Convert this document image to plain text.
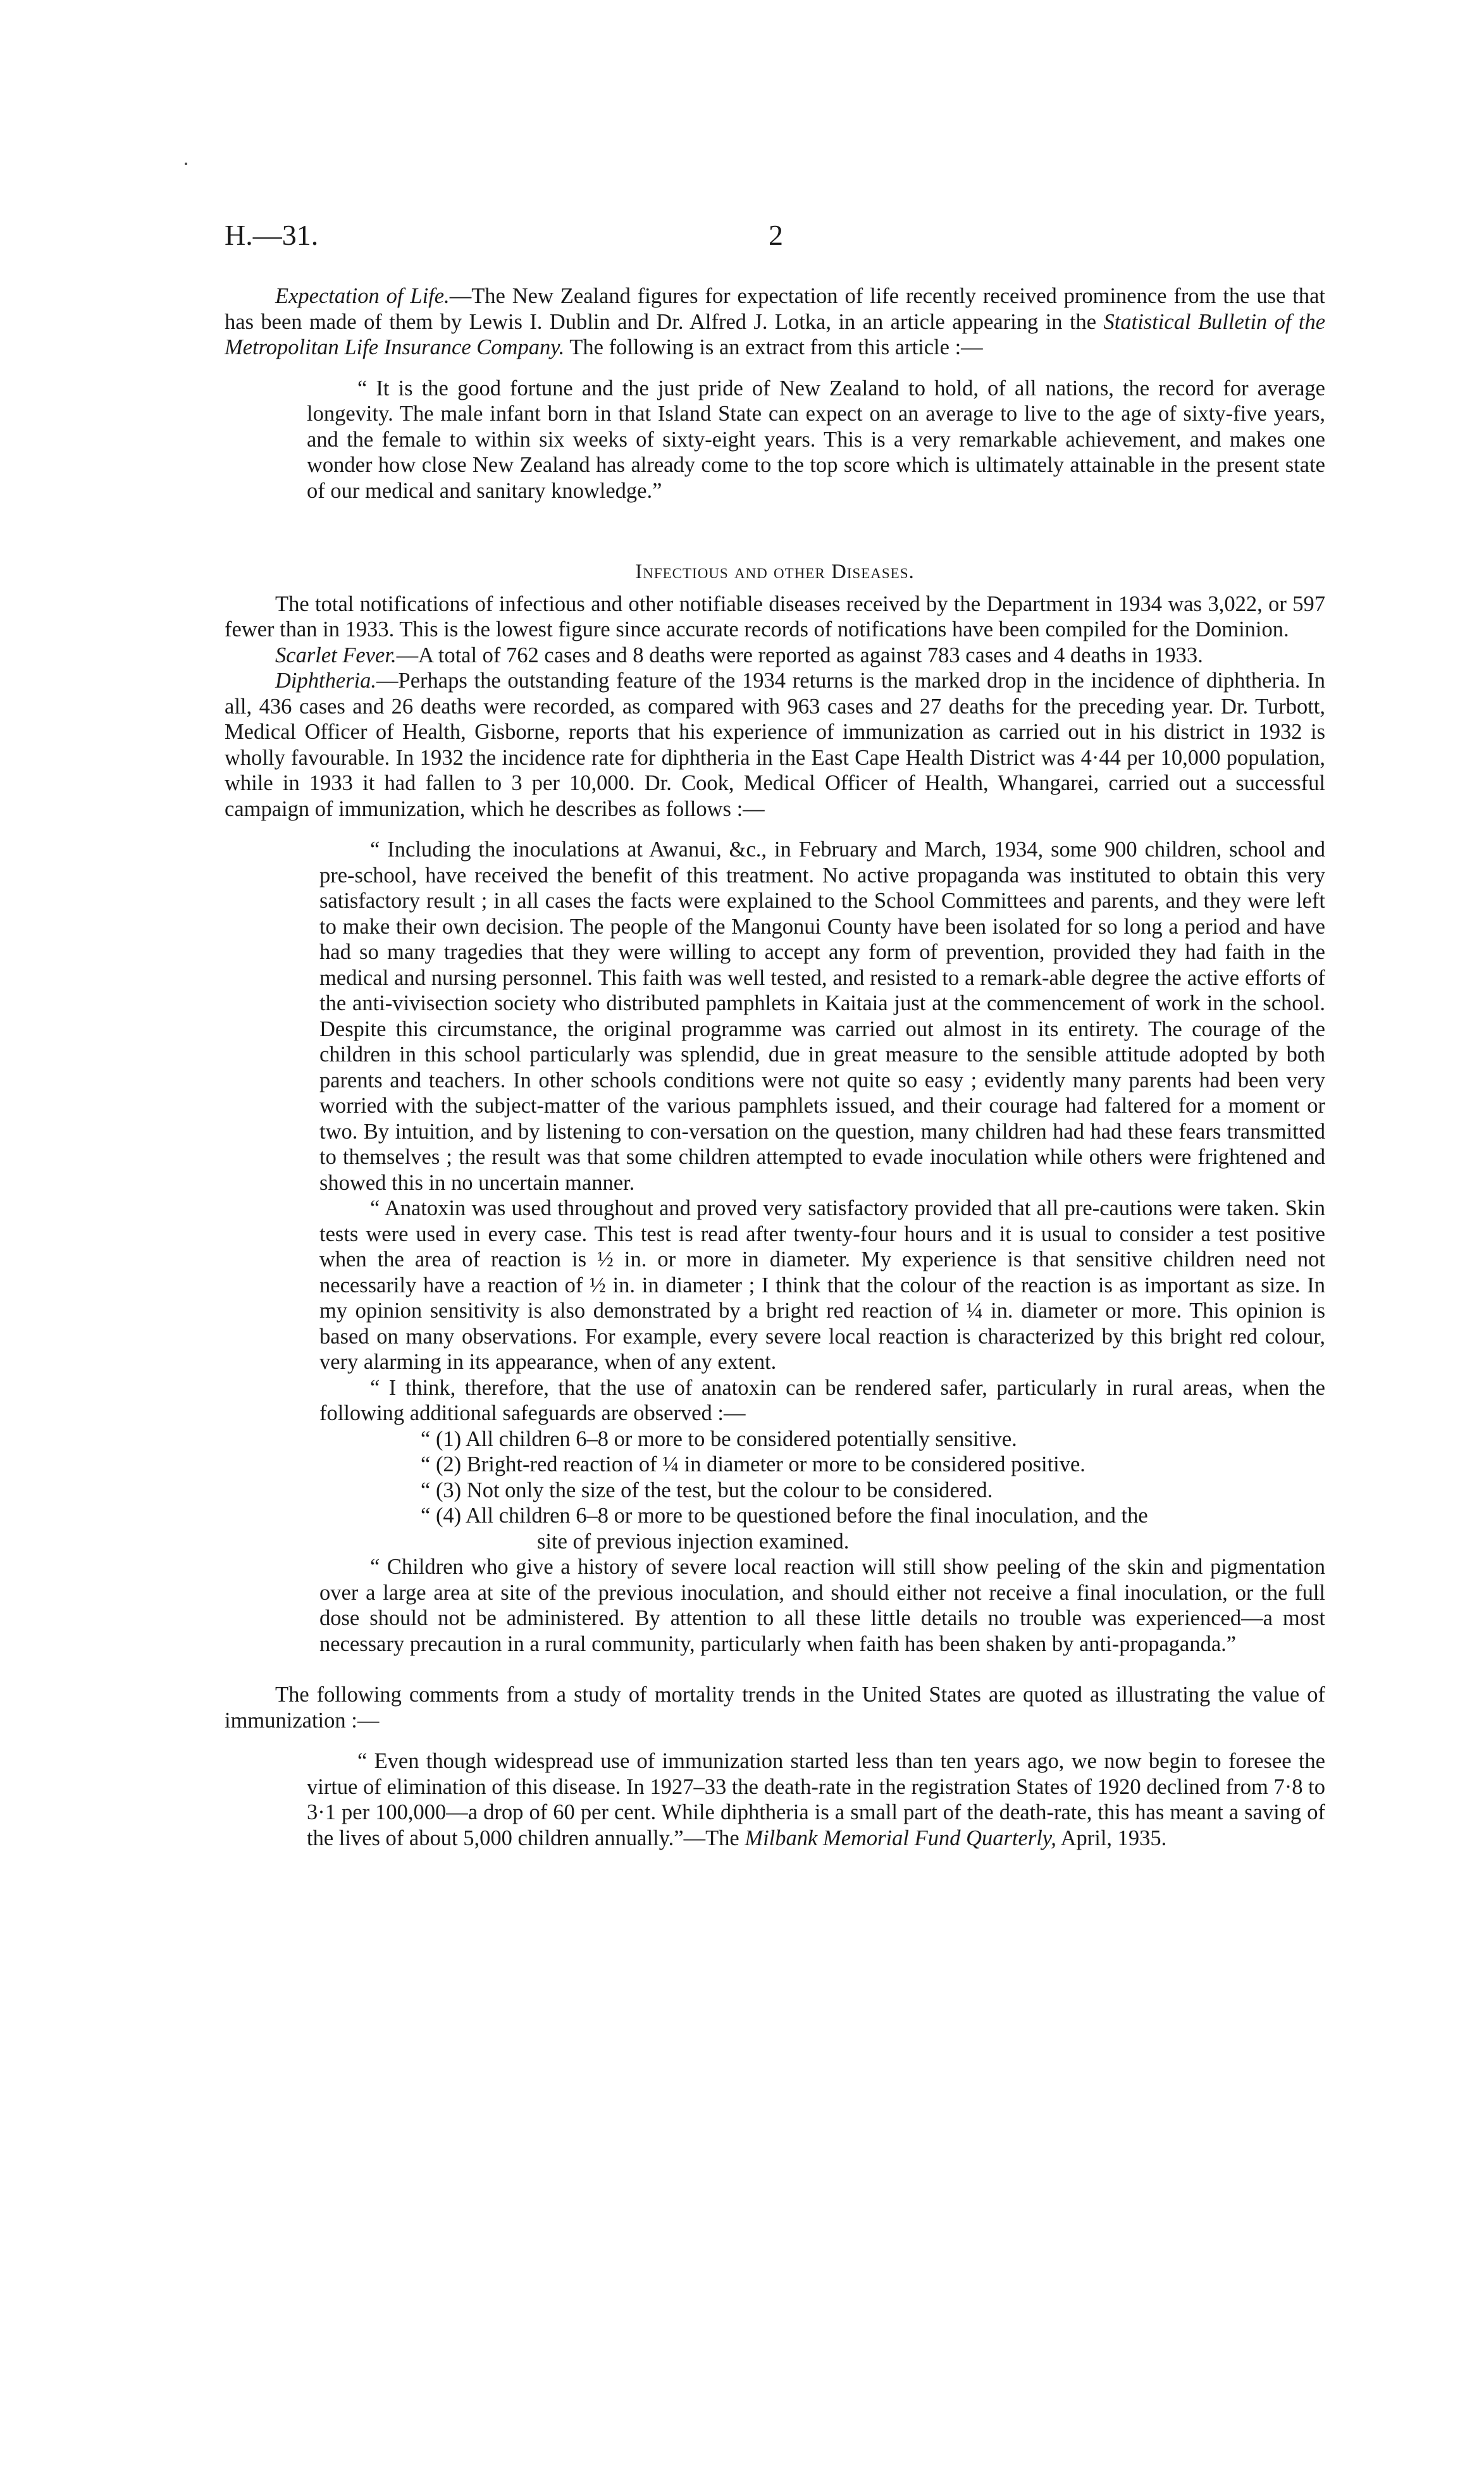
H.—31.	2

Expectation of Life.—The New Zealand figures for expectation of life recently received prominence from the use that has been made of them by Lewis I. Dublin and Dr. Alfred J. Lotka, in an article appearing in the Statistical Bulletin of the Metropolitan Life Insurance Company. The following is an extract from this article :—

“ It is the good fortune and the just pride of New Zealand to hold, of all nations, the record for average longevity. The male infant born in that Island State can expect on an average to live to the age of sixty-five years, and the female to within six weeks of sixty-eight years. This is a very remarkable achievement, and makes one wonder how close New Zealand has already come to the top score which is ultimately attainable in the present state of our medical and sanitary knowledge.”

Infectious and other Diseases.

The total notifications of infectious and other notifiable diseases received by the Department in 1934 was 3,022, or 597 fewer than in 1933. This is the lowest figure since accurate records of notifications have been compiled for the Dominion.

Scarlet Fever.—A total of 762 cases and 8 deaths were reported as against 783 cases and 4 deaths in 1933.

Diphtheria.—Perhaps the outstanding feature of the 1934 returns is the marked drop in the incidence of diphtheria. In all, 436 cases and 26 deaths were recorded, as compared with 963 cases and 27 deaths for the preceding year. Dr. Turbott, Medical Officer of Health, Gisborne, reports that his experience of immunization as carried out in his district in 1932 is wholly favourable. In 1932 the incidence rate for diphtheria in the East Cape Health District was 4·44 per 10,000 population, while in 1933 it had fallen to 3 per 10,000. Dr. Cook, Medical Officer of Health, Whangarei, carried out a successful campaign of immunization, which he describes as follows :—

“ Including the inoculations at Awanui, &c., in February and March, 1934, some 900 children, school and pre-school, have received the benefit of this treatment. No active propaganda was instituted to obtain this very satisfactory result ; in all cases the facts were explained to the School Committees and parents, and they were left to make their own decision. The people of the Mangonui County have been isolated for so long a period and have had so many tragedies that they were willing to accept any form of prevention, provided they had faith in the medical and nursing personnel. This faith was well tested, and resisted to a remark-able degree the active efforts of the anti-vivisection society who distributed pamphlets in Kaitaia just at the commencement of work in the school. Despite this circumstance, the original programme was carried out almost in its entirety. The courage of the children in this school particularly was splendid, due in great measure to the sensible attitude adopted by both parents and teachers. In other schools conditions were not quite so easy ; evidently many parents had been very worried with the subject-matter of the various pamphlets issued, and their courage had faltered for a moment or two. By intuition, and by listening to con-versation on the question, many children had had these fears transmitted to themselves ; the result was that some children attempted to evade inoculation while others were frightened and showed this in no uncertain manner.

“ Anatoxin was used throughout and proved very satisfactory provided that all pre-cautions were taken. Skin tests were used in every case. This test is read after twenty-four hours and it is usual to consider a test positive when the area of reaction is ½ in. or more in diameter. My experience is that sensitive children need not necessarily have a reaction of ½ in. in diameter ; I think that the colour of the reaction is as important as size. In my opinion sensitivity is also demonstrated by a bright red reaction of ¼ in. diameter or more. This opinion is based on many observations. For example, every severe local reaction is characterized by this bright red colour, very alarming in its appearance, when of any extent.

“ I think, therefore, that the use of anatoxin can be rendered safer, particularly in rural areas, when the following additional safeguards are observed :—

“ (1) All children 6–8 or more to be considered potentially sensitive.

“ (2) Bright-red reaction of ¼ in diameter or more to be considered positive.

“ (3) Not only the size of the test, but the colour to be considered.

“ (4) All children 6–8 or more to be questioned before the final inoculation, and the
site of previous injection examined.

“ Children who give a history of severe local reaction will still show peeling of the skin and pigmentation over a large area at site of the previous inoculation, and should either not receive a final inoculation, or the full dose should not be administered. By attention to all these little details no trouble was experienced—a most necessary precaution in a rural community, particularly when faith has been shaken by anti-propaganda.”

The following comments from a study of mortality trends in the United States are quoted as illustrating the value of immunization :—

“ Even though widespread use of immunization started less than ten years ago, we now begin to foresee the virtue of elimination of this disease. In 1927–33 the death-rate in the registration States of 1920 declined from 7·8 to 3·1 per 100,000—a drop of 60 per cent. While diphtheria is a small part of the death-rate, this has meant a saving of the lives of about 5,000 children annually.”—The Milbank Memorial Fund Quarterly, April, 1935.
